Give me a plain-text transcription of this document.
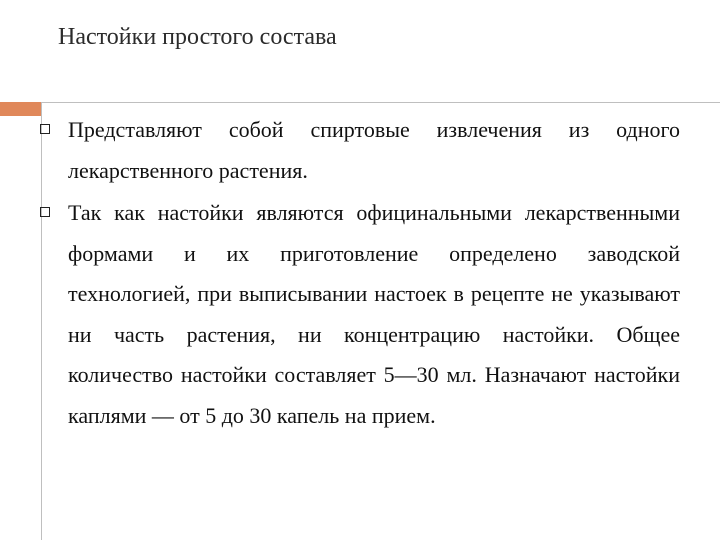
Настойки простого состава
Представляют собой спиртовые извлечения из одного лекарственного растения.
Так как настойки являются официнальными лекарственными формами и их приготовление определено заводской технологией, при выписывании настоек в рецепте не указывают ни часть растения, ни концентрацию настойки. Общее количество настойки составляет 5—30 мл. Назначают настойки каплями — от 5 до 30 капель на прием.
